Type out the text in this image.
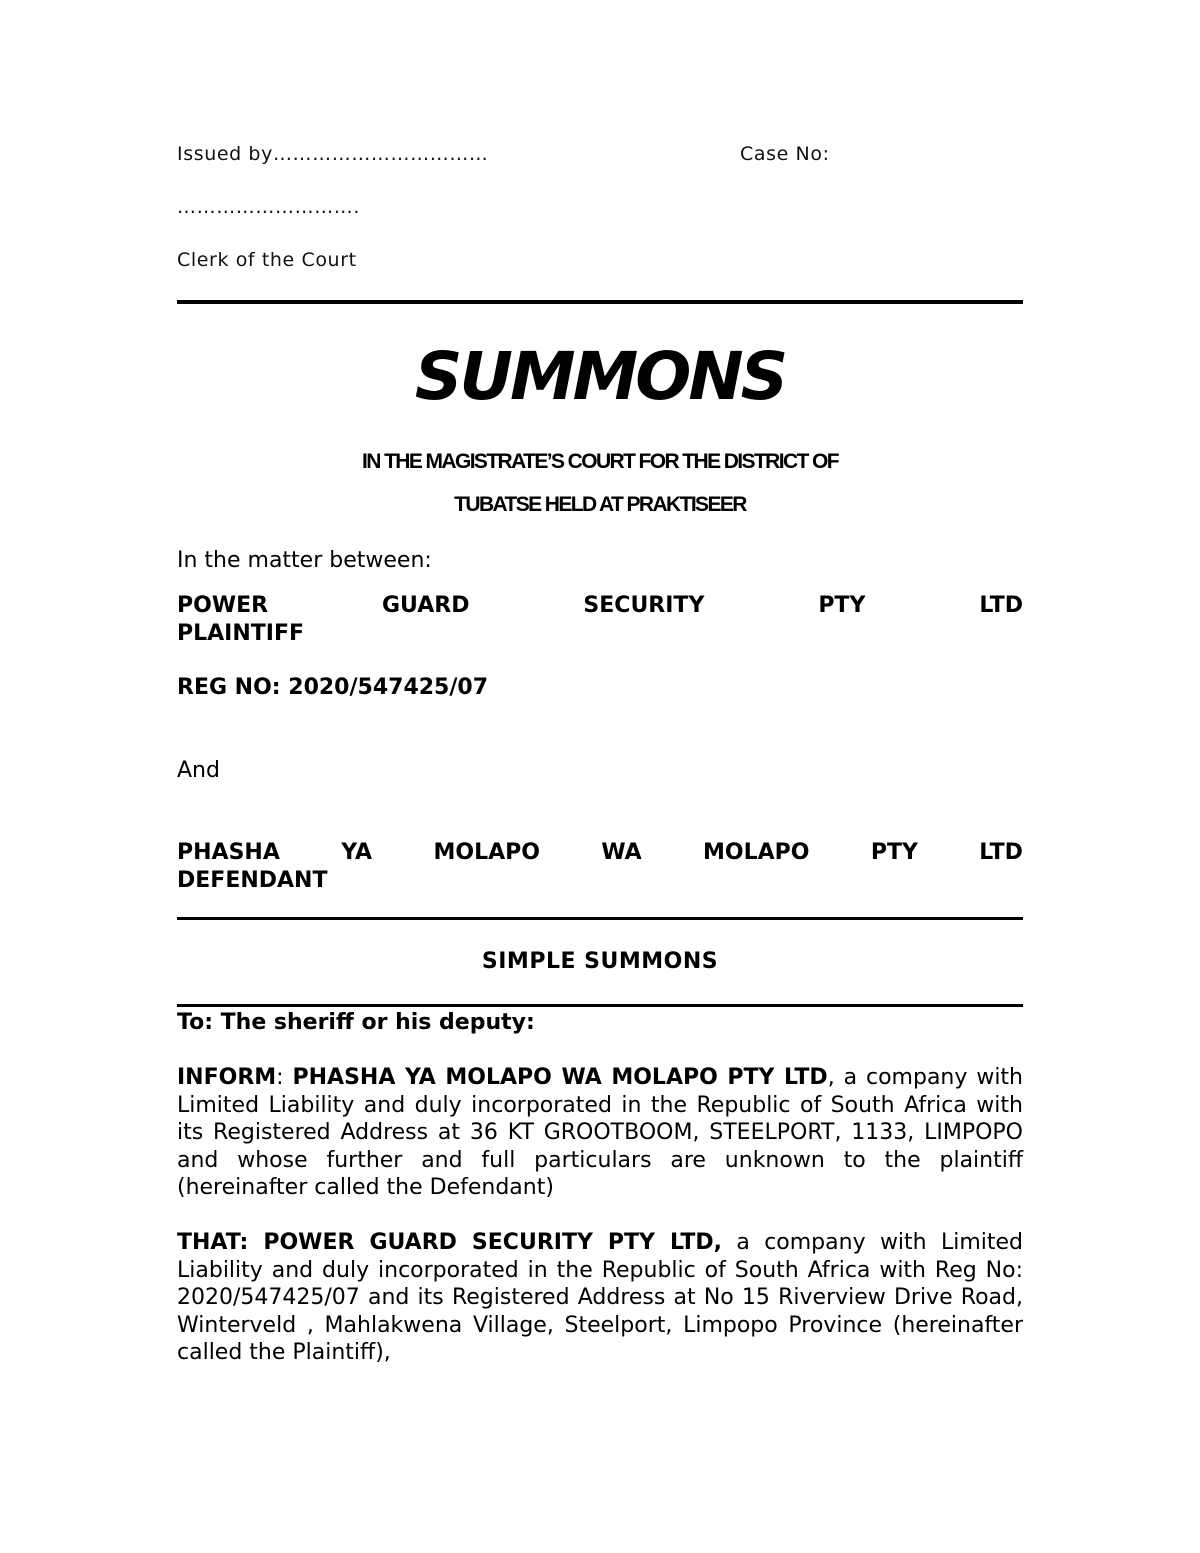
Issued by……………………………	Case No:
……………………….
Clerk of the Court
SUMMONS
IN THE MAGISTRATE’S COURT FOR THE DISTRICT OF
TUBATSE HELD AT PRAKTISEER
In the matter between:
POWER	GUARD	SECURITY	PTY	LTD
PLAINTIFF
REG NO: 2020/547425/07
And
PHASHA	YA	MOLAPO	WA	MOLAPO	PTY	LTD
DEFENDANT
SIMPLE SUMMONS
To: The sheriff or his deputy:
INFORM: PHASHA YA MOLAPO WA MOLAPO PTY LTD, a company with Limited Liability and duly incorporated in the Republic of South Africa with its Registered Address at 36 KT GROOTBOOM, STEELPORT, 1133, LIMPOPO and whose further and full particulars are unknown to the plaintiff (hereinafter called the Defendant)
THAT: POWER GUARD SECURITY PTY LTD, a company with Limited Liability and duly incorporated in the Republic of South Africa with Reg No: 2020/547425/07 and its Registered Address at No 15 Riverview Drive Road, Winterveld , Mahlakwena Village, Steelport, Limpopo Province (hereinafter called the Plaintiff),
